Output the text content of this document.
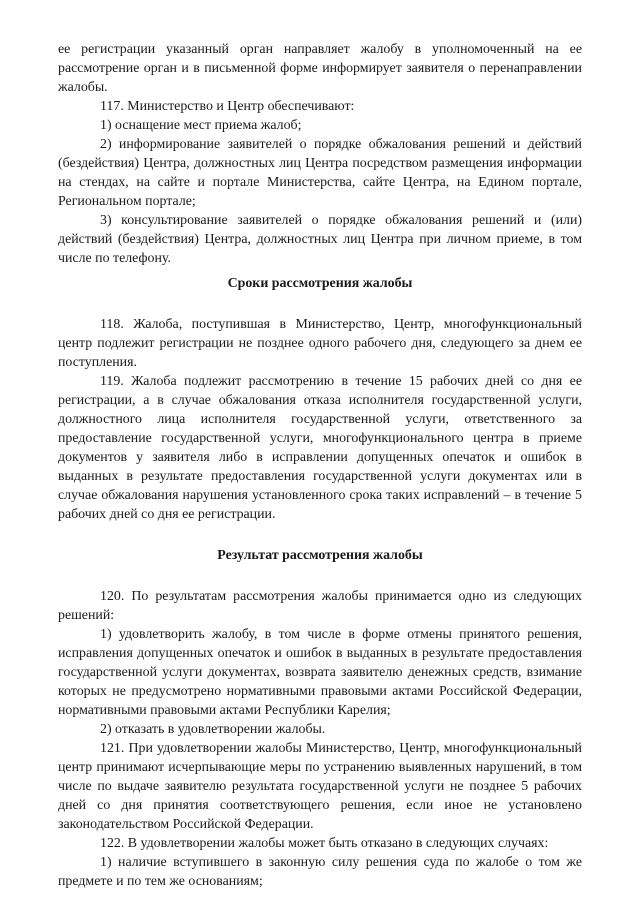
ее регистрации указанный орган направляет жалобу в уполномоченный на ее рассмотрение орган и в письменной форме информирует заявителя о перенаправлении жалобы.

117. Министерство и Центр обеспечивают:

1) оснащение мест приема жалоб;

2) информирование заявителей о порядке обжалования решений и действий (бездействия) Центра, должностных лиц Центра посредством размещения информации на стендах, на сайте и портале Министерства, сайте Центра, на Едином портале, Региональном портале;

3) консультирование заявителей о порядке обжалования решений и (или) действий (бездействия) Центра, должностных лиц Центра при личном приеме, в том числе по телефону.

Сроки рассмотрения жалобы

118. Жалоба, поступившая в Министерство, Центр, многофункциональный центр подлежит регистрации не позднее одного рабочего дня, следующего за днем ее поступления.

119. Жалоба подлежит рассмотрению в течение 15 рабочих дней со дня ее регистрации, а в случае обжалования отказа исполнителя государственной услуги, должностного лица исполнителя государственной услуги, ответственного за предоставление государственной услуги, многофункционального центра в приеме документов у заявителя либо в исправлении допущенных опечаток и ошибок в выданных в результате предоставления государственной услуги документах или в случае обжалования нарушения установленного срока таких исправлений – в течение 5 рабочих дней со дня ее регистрации.

Результат рассмотрения жалобы

120. По результатам рассмотрения жалобы принимается одно из следующих решений:

1) удовлетворить жалобу, в том числе в форме отмены принятого решения, исправления допущенных опечаток и ошибок в выданных в результате предоставления государственной услуги документах, возврата заявителю денежных средств, взимание которых не предусмотрено нормативными правовыми актами Российской Федерации, нормативными правовыми актами Республики Карелия;

2) отказать в удовлетворении жалобы.

121. При удовлетворении жалобы Министерство, Центр, многофункциональный центр принимают исчерпывающие меры по устранению выявленных нарушений, в том числе по выдаче заявителю результата государственной услуги не позднее 5 рабочих дней со дня принятия соответствующего решения, если иное не установлено законодательством Российской Федерации.

122. В удовлетворении жалобы может быть отказано в следующих случаях:

1) наличие вступившего в законную силу решения суда по жалобе о том же предмете и по тем же основаниям;
